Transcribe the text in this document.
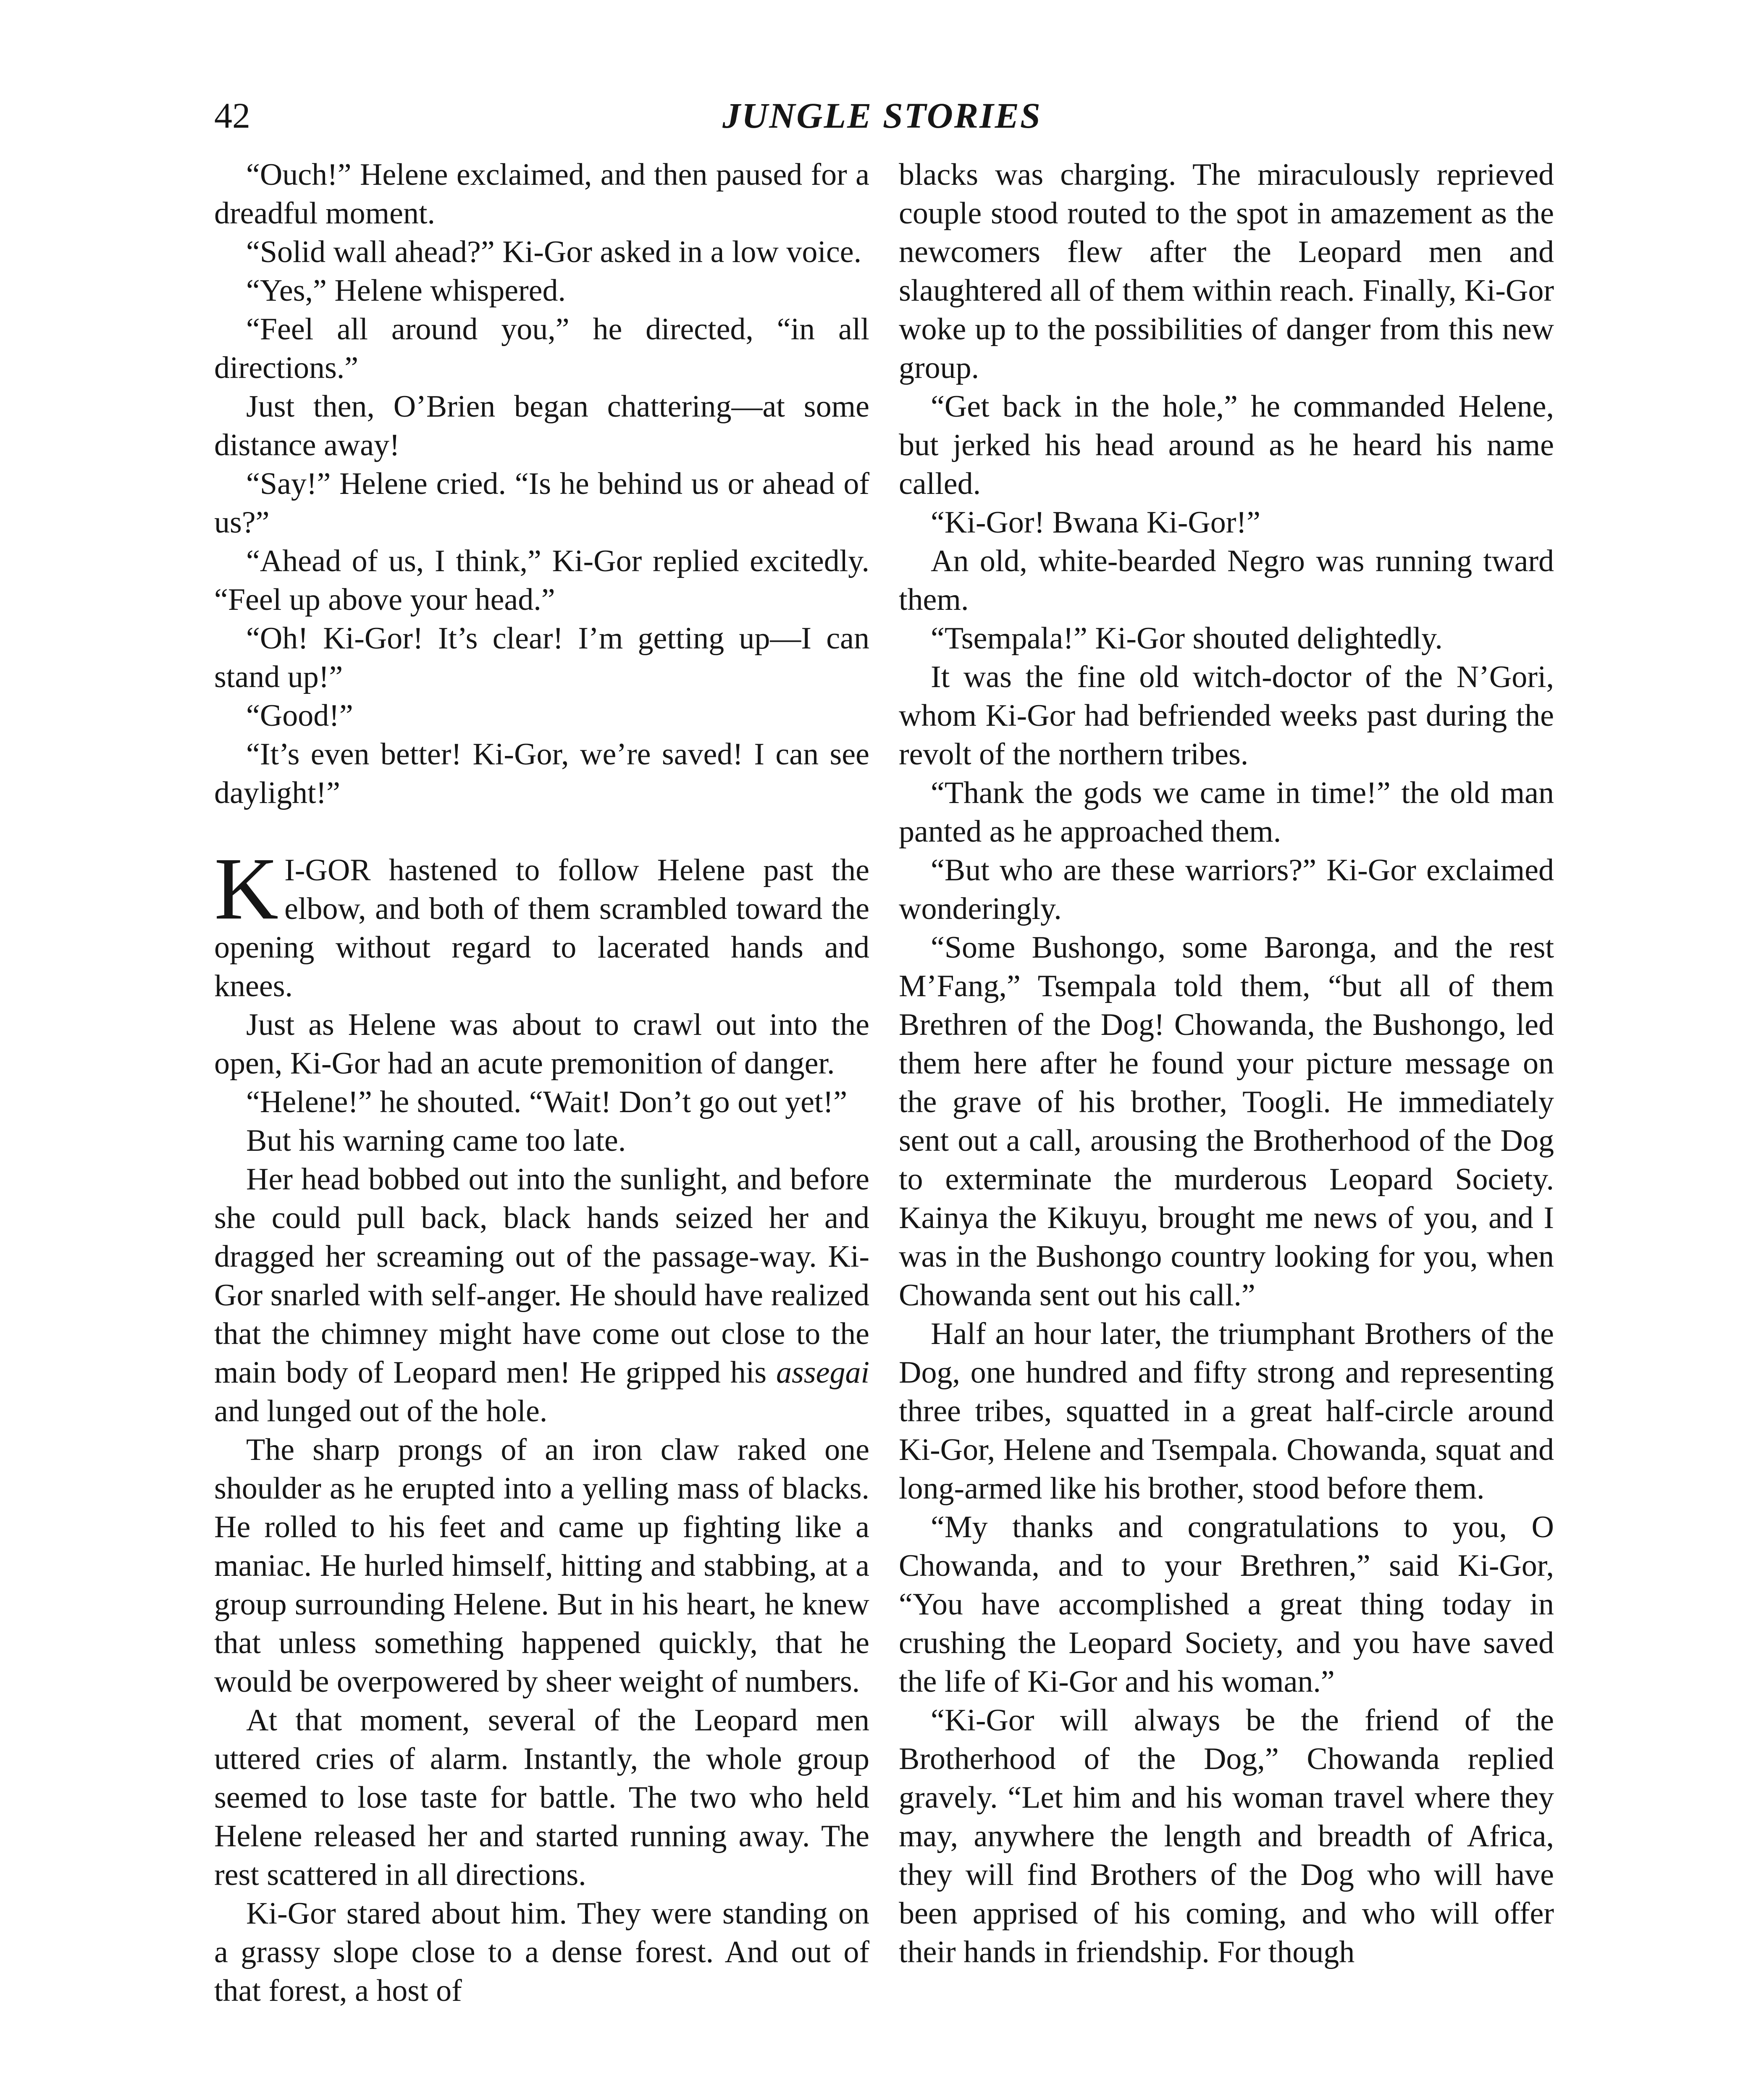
42	JUNGLE STORIES

“Ouch!” Helene exclaimed, and then paused for a dreadful moment.

“Solid wall ahead?” Ki-Gor asked in a low voice.

“Yes,” Helene whispered.

“Feel all around you,” he directed, “in all directions.”

Just then, O’Brien began chattering—at some distance away!

“Say!” Helene cried. “Is he behind us or ahead of us?”

“Ahead of us, I think,” Ki-Gor replied excitedly. “Feel up above your head.”

“Oh! Ki-Gor! It’s clear! I’m getting up—I can stand up!”

“Good!”

“It’s even better! Ki-Gor, we’re saved! I can see daylight!”

K I-GOR hastened to follow Helene past the elbow, and both of them scrambled toward the opening without regard to lacerated hands and knees.

Just as Helene was about to crawl out into the open, Ki-Gor had an acute premonition of danger.

“Helene!” he shouted. “Wait! Don’t go out yet!”

But his warning came too late.

Her head bobbed out into the sunlight, and before she could pull back, black hands seized her and dragged her screaming out of the passage-way. Ki-Gor snarled with self-anger. He should have realized that the chimney might have come out close to the main body of Leopard men! He gripped his assegai and lunged out of the hole.

The sharp prongs of an iron claw raked one shoulder as he erupted into a yelling mass of blacks. He rolled to his feet and came up fighting like a maniac. He hurled himself, hitting and stabbing, at a group surrounding Helene. But in his heart, he knew that unless something happened quickly, that he would be overpowered by sheer weight of numbers.

At that moment, several of the Leopard men uttered cries of alarm. Instantly, the whole group seemed to lose taste for battle. The two who held Helene released her and started running away. The rest scattered in all directions.

Ki-Gor stared about him. They were standing on a grassy slope close to a dense forest. And out of that forest, a host of

blacks was charging. The miraculously reprieved couple stood routed to the spot in amazement as the newcomers flew after the Leopard men and slaughtered all of them within reach. Finally, Ki-Gor woke up to the possibilities of danger from this new group.

“Get back in the hole,” he commanded Helene, but jerked his head around as he heard his name called.

“Ki-Gor! Bwana Ki-Gor!”

An old, white-bearded Negro was running tward them.

“Tsempala!” Ki-Gor shouted delightedly.

It was the fine old witch-doctor of the N’Gori, whom Ki-Gor had befriended weeks past during the revolt of the northern tribes.

“Thank the gods we came in time!” the old man panted as he approached them.

“But who are these warriors?” Ki-Gor exclaimed wonderingly.

“Some Bushongo, some Baronga, and the rest M’Fang,” Tsempala told them, “but all of them Brethren of the Dog! Chowanda, the Bushongo, led them here after he found your picture message on the grave of his brother, Toogli. He immediately sent out a call, arousing the Brotherhood of the Dog to exterminate the murderous Leopard Society. Kainya the Kikuyu, brought me news of you, and I was in the Bushongo country looking for you, when Chowanda sent out his call.”

Half an hour later, the triumphant Brothers of the Dog, one hundred and fifty strong and representing three tribes, squatted in a great half-circle around Ki-Gor, Helene and Tsempala. Chowanda, squat and long-armed like his brother, stood before them.

“My thanks and congratulations to you, O Chowanda, and to your Brethren,” said Ki-Gor, “You have accomplished a great thing today in crushing the Leopard Society, and you have saved the life of Ki-Gor and his woman.”

“Ki-Gor will always be the friend of the Brotherhood of the Dog,” Chowanda replied gravely. “Let him and his woman travel where they may, anywhere the length and breadth of Africa, they will find Brothers of the Dog who will have been apprised of his coming, and who will offer their hands in friendship. For though
